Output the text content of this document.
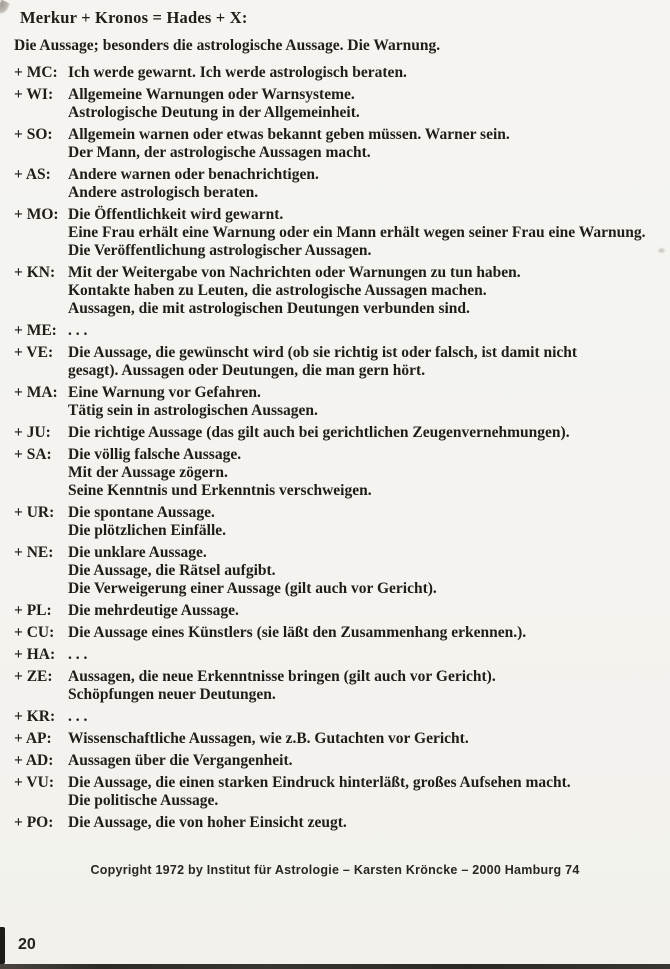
Merkur + Kronos = Hades + X:
Die Aussage; besonders die astrologische Aussage. Die Warnung.
+ MC: Ich werde gewarnt. Ich werde astrologisch beraten.
+ WI: Allgemeine Warnungen oder Warnsysteme.
Astrologische Deutung in der Allgemeinheit.
+ SO: Allgemein warnen oder etwas bekannt geben müssen. Warner sein.
Der Mann, der astrologische Aussagen macht.
+ AS:	Andere warnen oder benachrichtigen.
Andere astrologisch beraten.
+ MO: Die Öffentlichkeit wird gewarnt.
Eine Frau erhält eine Warnung oder ein Mann erhält wegen seiner Frau eine Warnung.
Die Veröffentlichung astrologischer Aussagen.
+ KN: Mit der Weitergabe von Nachrichten oder Warnungen zu tun haben.
Kontakte haben zu Leuten, die astrologische Aussagen machen.
Aussagen, die mit astrologischen Deutungen verbunden sind.
+ ME: . . .
+ VE: Die Aussage, die gewünscht wird (ob sie richtig ist oder falsch, ist damit nicht
gesagt). Aussagen oder Deutungen, die man gern hört.
+ MA: Eine Warnung vor Gefahren.
Tätig sein in astrologischen Aussagen.
+ JU:	Die richtige Aussage (das gilt auch bei gerichtlichen Zeugenvernehmungen).
+ SA:	Die völlig falsche Aussage.
Mit der Aussage zögern.
Seine Kenntnis und Erkenntnis verschweigen.
+ UR: Die spontane Aussage.
Die plötzlichen Einfälle.
+ NE: Die unklare Aussage.
Die Aussage, die Rätsel aufgibt.
Die Verweigerung einer Aussage (gilt auch vor Gericht).
+ PL:	Die mehrdeutige Aussage.
+ CU: Die Aussage eines Künstlers (sie läßt den Zusammenhang erkennen.).
+ HA: . . .
+ ZE: Aussagen, die neue Erkenntnisse bringen (gilt auch vor Gericht).
Schöpfungen neuer Deutungen.
+ KR: . . .
+ AP:	Wissenschaftliche Aussagen, wie z.B. Gutachten vor Gericht.
+ AD: Aussagen über die Vergangenheit.
+ VU: Die Aussage, die einen starken Eindruck hinterläßt, großes Aufsehen macht.
Die politische Aussage.
+ PO: Die Aussage, die von hoher Einsicht zeugt.
Copyright 1972 by Institut für Astrologie – Karsten Kröncke – 2000 Hamburg 74
20
